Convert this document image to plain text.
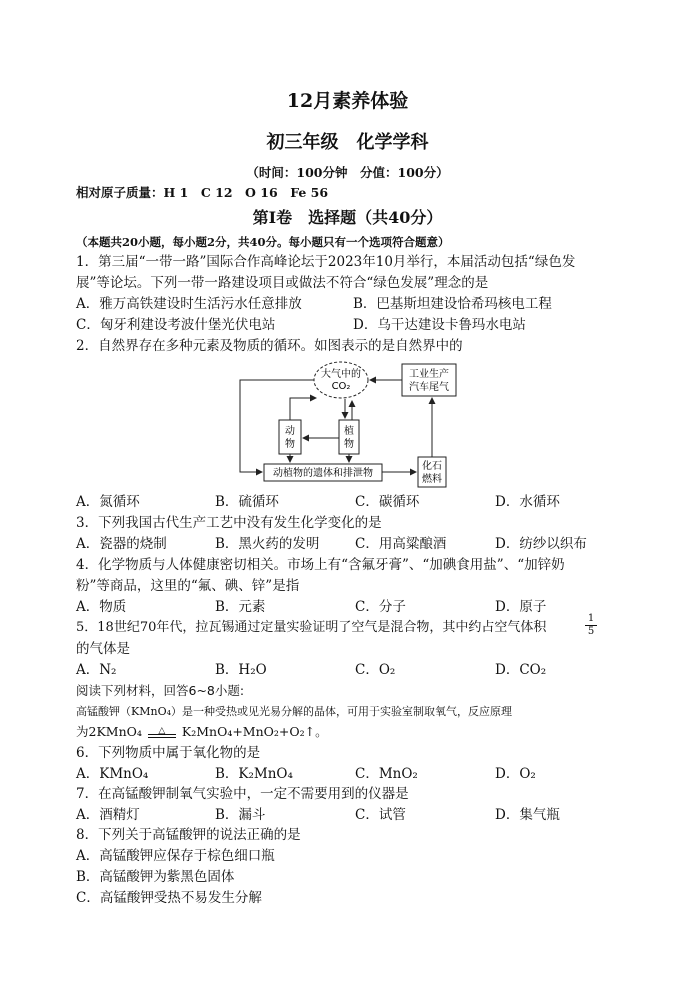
12月素养体验
初三年级　化学学科
（时间：100分钟　分值：100分）
相对原子质量：H 1　C 12　O 16　Fe 56
第Ⅰ卷　选择题（共40分）
（本题共20小题，每小题2分，共40分。每小题只有一个选项符合题意）
1．第三届“一带一路”国际合作高峰论坛于2023年10月举行，本届活动包括“绿色发
展”等论坛。下列一带一路建设项目或做法不符合“绿色发展”理念的是
A．雅万高铁建设时生活污水任意排放	B．巴基斯坦建设恰希玛核电工程
C．匈牙利建设考波什堡光伏电站	D．乌干达建设卡鲁玛水电站
2．自然界存在多种元素及物质的循环。如图表示的是自然界中的
大气中的
CO₂
工业生产
汽车尾气
动
物
植
物
动植物的遗体和排泄物
化石
燃料
A．氮循环	B．硫循环	C．碳循环	D．水循环
3．下列我国古代生产工艺中没有发生化学变化的是
A．瓷器的烧制	B．黑火药的发明	C．用高粱酿酒	D．纺纱以织布
4．化学物质与人体健康密切相关。市场上有“含氟牙膏”、“加碘食用盐”、“加锌奶
粉”等商品，这里的“氟、碘、锌”是指
A．物质	B．元素	C．分子	D．原子
5．18世纪70年代，拉瓦锡通过定量实验证明了空气是混合物，其中约占空气体积
1
5
的气体是
A．N₂	B．H₂O	C．O₂	D．CO₂
阅读下列材料，回答6~8小题:
高锰酸钾（KMnO₄）是一种受热或见光易分解的晶体，可用于实验室制取氧气，反应原理
为2KMnO₄	△	K₂MnO₄+MnO₂+O₂↑。
6．下列物质中属于氧化物的是
A．KMnO₄	B．K₂MnO₄	C．MnO₂	D．O₂
7．在高锰酸钾制氧气实验中，一定不需要用到的仪器是
A．酒精灯	B．漏斗	C．试管	D．集气瓶
8．下列关于高锰酸钾的说法正确的是
A．高锰酸钾应保存于棕色细口瓶
B．高锰酸钾为紫黑色固体
C．高锰酸钾受热不易发生分解
